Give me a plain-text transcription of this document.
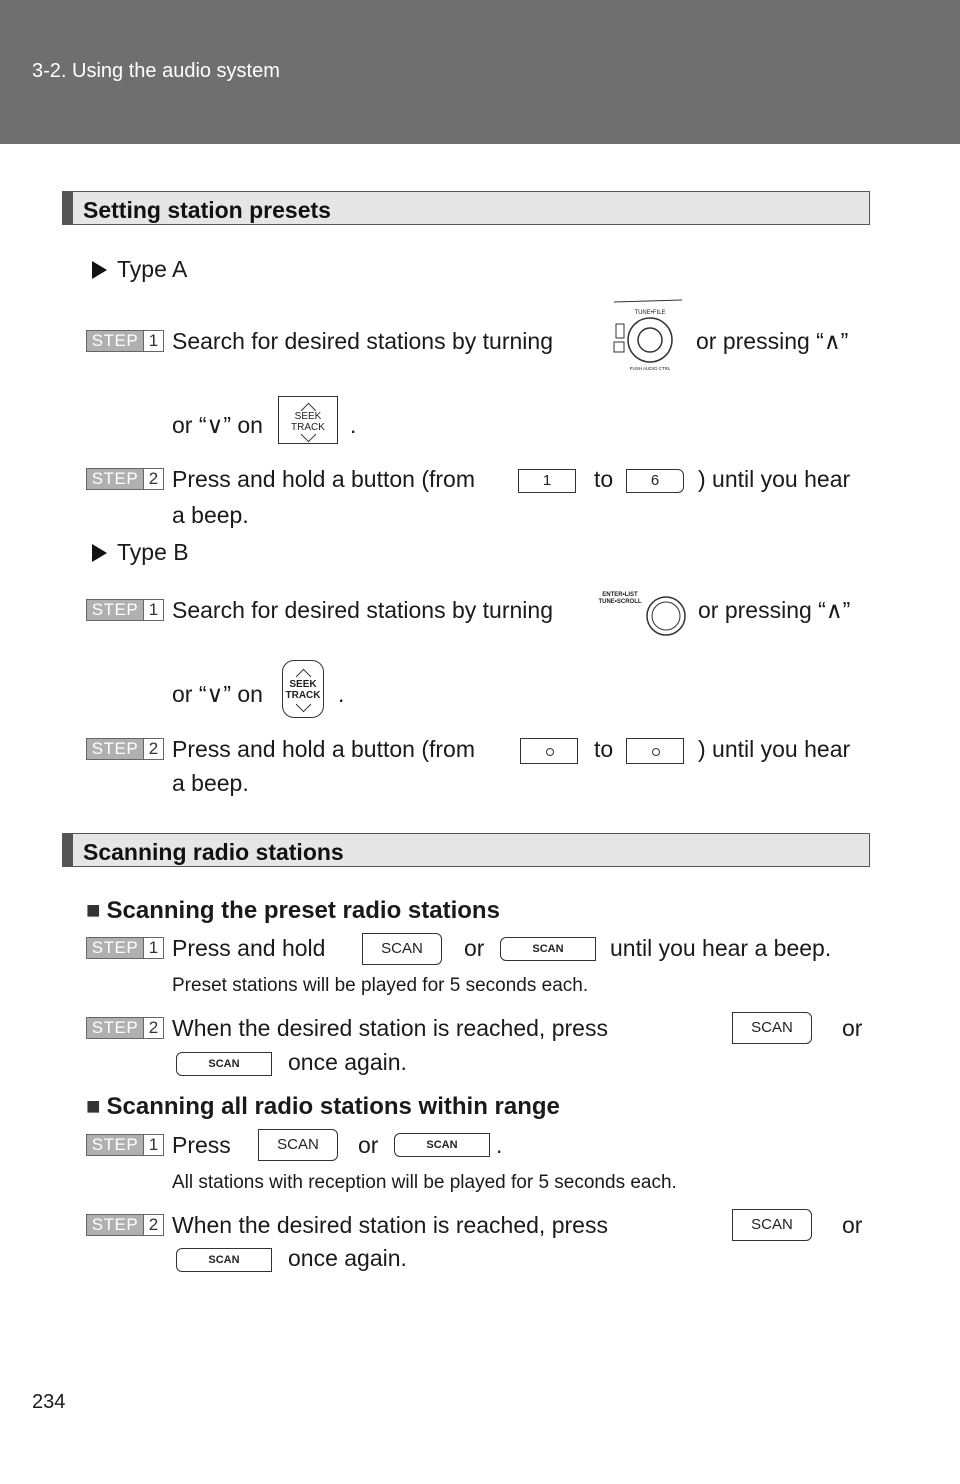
3-2. Using the audio system
Setting station presets
Type A
STEP 1 Search for desired stations by turning
TUNE•FILE
PUSH AUDIO CTRL
or pressing “∧”
or “∨” on	SEEK
TRACK	.
STEP 2 Press and hold a button (from	1	to	6	) until you hear
a beep.
Type B
STEP 1 Search for desired stations by turning
ENTER•LIST
TUNE•SCROLL or pressing “∧”
or “∨” on	SEEK
TRACK .
STEP 2 Press and hold a button (from	to	) until you hear
a beep.
Scanning radio stations
■ Scanning the preset radio stations
STEP 1 Press and hold	SCAN	or	SCAN	until you hear a beep.
Preset stations will be played for 5 seconds each.
STEP 2 When the desired station is reached, press	SCAN	or
SCAN	once again.
■ Scanning all radio stations within range
STEP 1 Press	SCAN	or	SCAN	.
All stations with reception will be played for 5 seconds each.
STEP 2 When the desired station is reached, press	SCAN	or
SCAN	once again.
234
